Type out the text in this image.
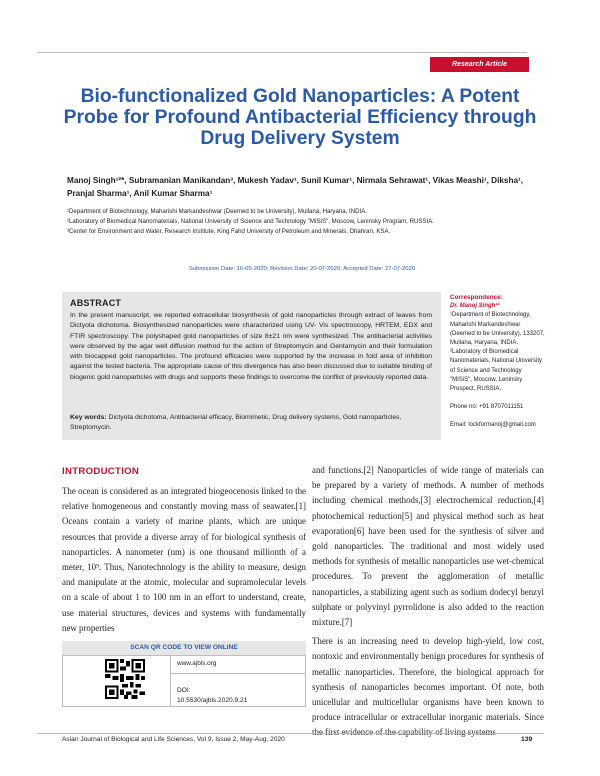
Research Article
Bio-functionalized Gold Nanoparticles: A Potent Probe for Profound Antibacterial Efficiency through Drug Delivery System
Manoj Singh¹²*, Subramanian Manikandan³, Mukesh Yadav¹, Sunil Kumar¹, Nirmala Sehrawat¹, Vikas Meashi¹, Diksha¹, Pranjal Sharma¹, Anil Kumar Sharma¹
¹Department of Biotechnology, Maharishi Markandeshwar (Deemed to be University), Mullana, Haryana, INDIA.
²Laboratory of Biomedical Nanomaterials, National University of Science and Technology "MISiS", Moscow, Leninsky Program, RUSSIA.
³Center for Environment and Water, Research Institute, King Fahd University of Petroleum and Minerals, Dhahran, KSA.
Submission Date: 16-05-2020; Revision Date: 20-07-2020; Accepted Date: 27-07-2020
ABSTRACT
In the present manuscript, we reported extracellular biosynthesis of gold nanoparticles through extract of leaves from Dictyota dichotoma. Biosynthesized nanoparticles were characterized using UV- Vis spectroscopy, HRTEM, EDX and FTIR spectroscopy. The polyshaped gold nanoparticles of size 8±21 nm were synthesized. The antibacterial activities were observed by the agar well diffusion method for the action of Streptomycin and Gentamycin and their formulation with biocapped gold nanoparticles. The profound efficacies were supported by the increase in fold area of inhibition against the tested bacteria. The appropriate cause of this divergence has also been discussed due to suitable binding of biogenic gold nanoparticles with drugs and supports these findings to overcome the conflict of previously reported data.
Key words: Dictyota dichotoma, Antibacterial efficacy, Biomimetic, Drug delivery systems, Gold nanoparticles, Streptomycin.
Correspondence:
Dr. Manoj Singh¹²
¹Department of Biotechnology, Maharishi Markandeshwar (Deemed to be University), 133207, Mullana, Haryana, INDIA.
²Laboratory of Biomedical Nanomaterials, National University of Science and Technology "MISiS", Moscow, Leninsky Prospect, RUSSIA.
Phone no: +91 8707011151
Email: lockformanoj@gmail.com
INTRODUCTION

The ocean is considered as an integrated biogeocenosis linked to the relative homogeneous and constantly moving mass of seawater.[1] Oceans contain a variety of marine plants, which are unique resources that provide a diverse array of for biological synthesis of nanoparticles. A nanometer (nm) is one thousand millionth of a meter, 10⁹. Thus, Nanotechnology is the ability to measure, design and manipulate at the atomic, molecular and supramolecular levels on a scale of about 1 to 100 nm in an effort to understand, create, use material structures, devices and systems with fundamentally new properties

and functions.[2] Nanoparticles of wide range of materials can be prepared by a variety of methods. A number of methods including chemical methods,[3] electrochemical reduction,[4] photochemical reduction[5] and physical method such as heat evaporation[6] have been used for the synthesis of silver and gold nanoparticles. The traditional and most widely used methods for synthesis of metallic nanoparticles use wet-chemical procedures. To prevent the agglomeration of metallic nanoparticles, a stabilizing agent such as sodium dodecyl benzyl sulphate or polyvinyl pyrrolidone is also added to the reaction mixture.[7]

There is an increasing need to develop high-yield, low cost, nontoxic and environmentally benign procedures for synthesis of metallic nanoparticles. Therefore, the biological approach for synthesis of nanoparticles becomes important. Of note, both unicellular and multicellular organisms have been known to produce intracellular or extracellular inorganic materials. Since

SCAN QR CODE TO VIEW ONLINE
www.ajbls.org
DOI:
10.5530/ajbls.2020.9.21
Asian Journal of Biological and Life Sciences, Vol 9, Issue 2, May-Aug, 2020	139
